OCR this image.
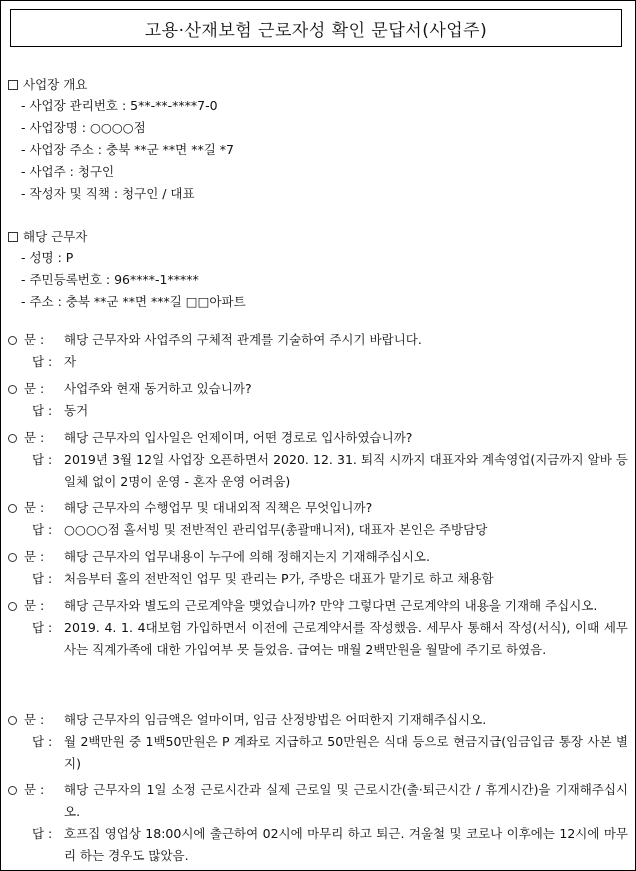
고용·산재보험 근로자성 확인 문답서(사업주)
사업장 개요
- 사업장 관리번호 : 5**-**-****7-0
- 사업장명 : ○○○○점
- 사업장 주소 : 충북 **군 **면 **길 *7
- 사업주 : 청구인
- 작성자 및 직책 : 청구인 / 대표
해당 근무자
- 성명 : P
- 주민등록번호 : 96****-1*****
- 주소 : 충북 **군 **면 ***길 □□아파트
문 :	해당 근무자와 사업주의 구체적 관계를 기술하여 주시기 바랍니다.
답 : 자
문 :	사업주와 현재 동거하고 있습니까?
답 : 동거
문 :	해당 근무자의 입사일은 언제이며, 어떤 경로로 입사하였습니까?
답 : 2019년 3월 12일 사업장 오픈하면서 2020. 12. 31. 퇴직 시까지 대표자와 계속영업(지금까지 알바 등 일체 없이 2명이 운영 - 혼자 운영 어려움)
문 :	해당 근무자의 수행업무 및 대내외적 직책은 무엇입니까?
답 : ○○○○점 홀서빙 및 전반적인 관리업무(총괄매니저), 대표자 본인은 주방담당
문 :	해당 근무자의 업무내용이 누구에 의해 정해지는지 기재해주십시오.
답 : 처음부터 홀의 전반적인 업무 및 관리는 P가, 주방은 대표가 맡기로 하고 채용함
문 :	해당 근무자와 별도의 근로계약을 맺었습니까? 만약 그렇다면 근로계약의 내용을 기재해 주십시오.
답 : 2019. 4. 1. 4대보험 가입하면서 이전에 근로계약서를 작성했음. 세무사 통해서 작성(서식), 이때 세무사는 직계가족에 대한 가입여부 못 들었음. 급여는 매월 2백만원을 월말에 주기로 하였음.
문 :	해당 근무자의 임금액은 얼마이며, 임금 산정방법은 어떠한지 기재해주십시오.
답 : 월 2백만원 중 1백50만원은 P 계좌로 지급하고 50만원은 식대 등으로 현금지급(임금입금 통장 사본 별지)
문 :	해당 근무자의 1일 소정 근로시간과 실제 근로일 및 근로시간(출·퇴근시간 / 휴게시간)을 기재해주십시오.
답 : 호프집 영업상 18:00시에 출근하여 02시에 마무리 하고 퇴근. 겨울철 및 코로나 이후에는 12시에 마무리 하는 경우도 많았음.
